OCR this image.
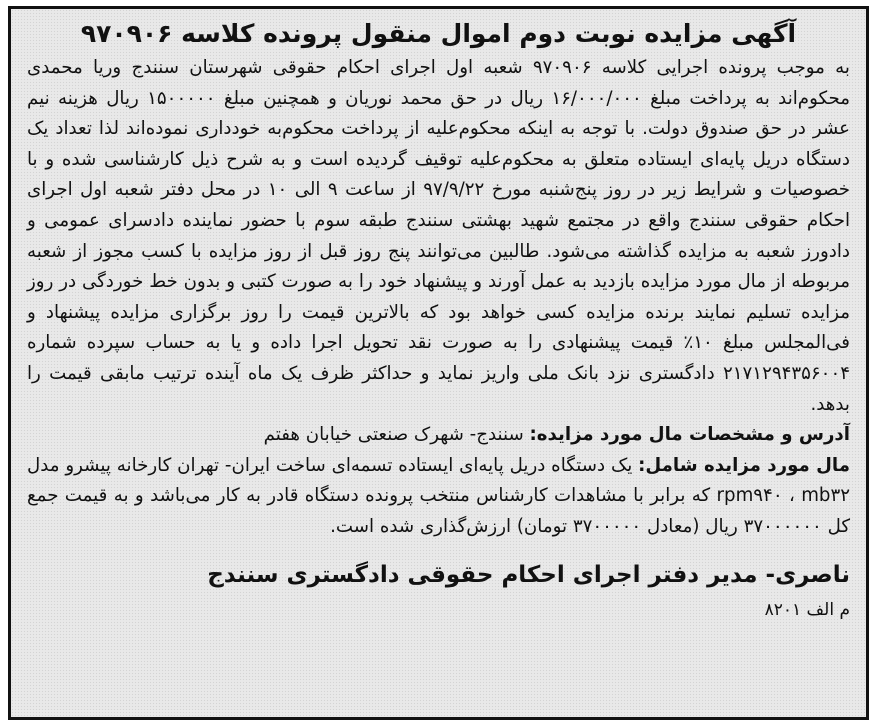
آگهی مزایده نوبت دوم اموال منقول پرونده کلاسه ۹۷۰۹۰۶

به موجب پرونده اجرایی کلاسه ۹۷۰۹۰۶ شعبه اول اجرای احکام حقوقی شهرستان سنندج وریا محمدی محکوم‌اند به پرداخت مبلغ ۱۶/۰۰۰/۰۰۰ ریال در حق محمد نوریان و همچنین مبلغ ۱۵۰۰۰۰۰ ریال هزینه نیم عشر در حق صندوق دولت. با توجه به اینکه محکوم‌علیه از پرداخت محکوم‌به خودداری نموده‌اند لذا تعداد یک دستگاه دریل پایه‌ای ایستاده متعلق به محکوم‌علیه توقیف گردیده است و به شرح ذیل کارشناسی شده و با خصوصیات و شرایط زیر در روز پنج‌شنبه مورخ ۹۷/۹/۲۲ از ساعت ۹ الی ۱۰ در محل دفتر شعبه اول اجرای احکام حقوقی سنندج واقع در مجتمع شهید بهشتی سنندج طبقه سوم با حضور نماینده دادسرای عمومی و دادورز شعبه به مزایده گذاشته می‌شود. طالبین می‌توانند پنج روز قبل از روز مزایده با کسب مجوز از شعبه مربوطه از مال مورد مزایده بازدید به عمل آورند و پیشنهاد خود را به صورت کتبی و بدون خط خوردگی در روز مزایده تسلیم نمایند برنده مزایده کسی خواهد بود که بالاترین قیمت را روز برگزاری مزایده پیشنهاد و فی‌المجلس مبلغ ۱۰٪ قیمت پیشنهادی را به صورت نقد تحویل اجرا داده و یا به حساب سپرده شماره ۲۱۷۱۲۹۴۳۵۶۰۰۴ دادگستری نزد بانک ملی واریز نماید و حداکثر ظرف یک ماه آینده ترتیب مابقی قیمت را بدهد.

آدرس و مشخصات مال مورد مزایده: سنندج- شهرک صنعتی خیابان هفتم

مال مورد مزایده شامل: یک دستگاه دریل پایه‌ای ایستاده تسمه‌ای ساخت ایران- تهران کارخانه پیشرو مدل rpm۹۴۰ ، mb۳۲ که برابر با مشاهدات کارشناس منتخب پرونده دستگاه قادر به کار می‌باشد و به قیمت جمع کل ۳۷۰۰۰۰۰۰ ریال (معادل ۳۷۰۰۰۰۰ تومان) ارزش‌گذاری شده است.

ناصری- مدیر دفتر اجرای احکام حقوقی دادگستری سنندج
م الف ۸۲۰۱
